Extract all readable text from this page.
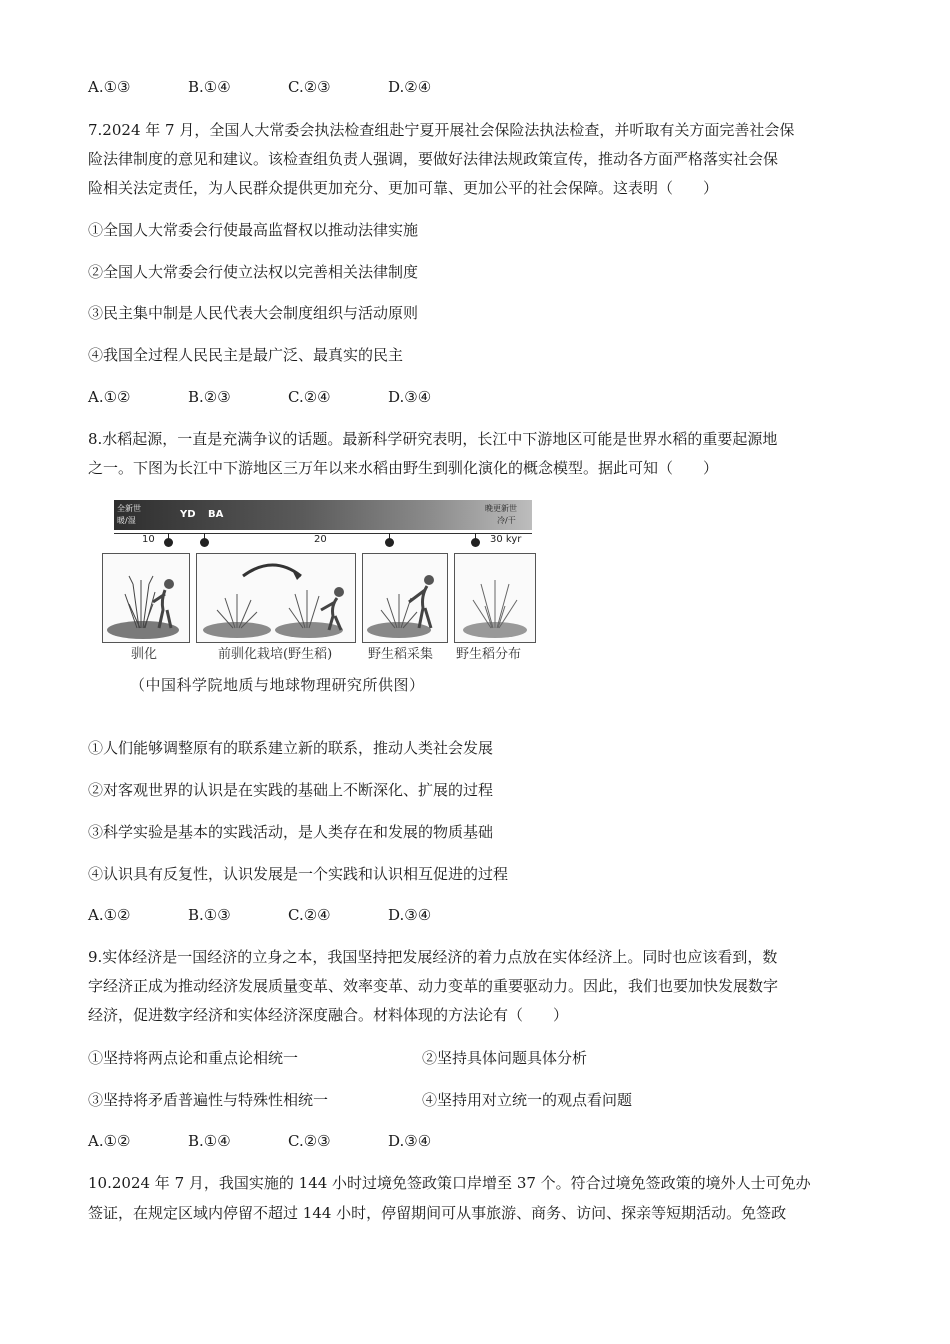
A.①③	B.①④	C.②③	D.②④
7.2024 年 7 月，全国人大常委会执法检查组赴宁夏开展社会保险法执法检查，并听取有关方面完善社会保
险法律制度的意见和建议。该检查组负责人强调，要做好法律法规政策宣传，推动各方面严格落实社会保
险相关法定责任，为人民群众提供更加充分、更加可靠、更加公平的社会保障。这表明（　　）
①全国人大常委会行使最高监督权以推动法律实施
②全国人大常委会行使立法权以完善相关法律制度
③民主集中制是人民代表大会制度组织与活动原则
④我国全过程人民民主是最广泛、最真实的民主
A.①②	B.②③	C.②④	D.③④
8.水稻起源，一直是充满争议的话题。最新科学研究表明，长江中下游地区可能是世界水稻的重要起源地
之一。下图为长江中下游地区三万年以来水稻由野生到驯化演化的概念模型。据此可知（　　）
全新世
暖/湿
YD BA
晚更新世
冷/干
10	20	30 kyr
驯化	前驯化栽培(野生稻)	野生稻采集 野生稻分布
（中国科学院地质与地球物理研究所供图）
①人们能够调整原有的联系建立新的联系，推动人类社会发展
②对客观世界的认识是在实践的基础上不断深化、扩展的过程
③科学实验是基本的实践活动，是人类存在和发展的物质基础
④认识具有反复性，认识发展是一个实践和认识相互促进的过程
A.①②	B.①③	C.②④	D.③④
9.实体经济是一国经济的立身之本，我国坚持把发展经济的着力点放在实体经济上。同时也应该看到，数
字经济正成为推动经济发展质量变革、效率变革、动力变革的重要驱动力。因此，我们也要加快发展数字
经济，促进数字经济和实体经济深度融合。材料体现的方法论有（　　）
①坚持将两点论和重点论相统一	②坚持具体问题具体分析
③坚持将矛盾普遍性与特殊性相统一	④坚持用对立统一的观点看问题
A.①②	B.①④	C.②③	D.③④
10.2024 年 7 月，我国实施的 144 小时过境免签政策口岸增至 37 个。符合过境免签政策的境外人士可免办
签证，在规定区域内停留不超过 144 小时，停留期间可从事旅游、商务、访问、探亲等短期活动。免签政
